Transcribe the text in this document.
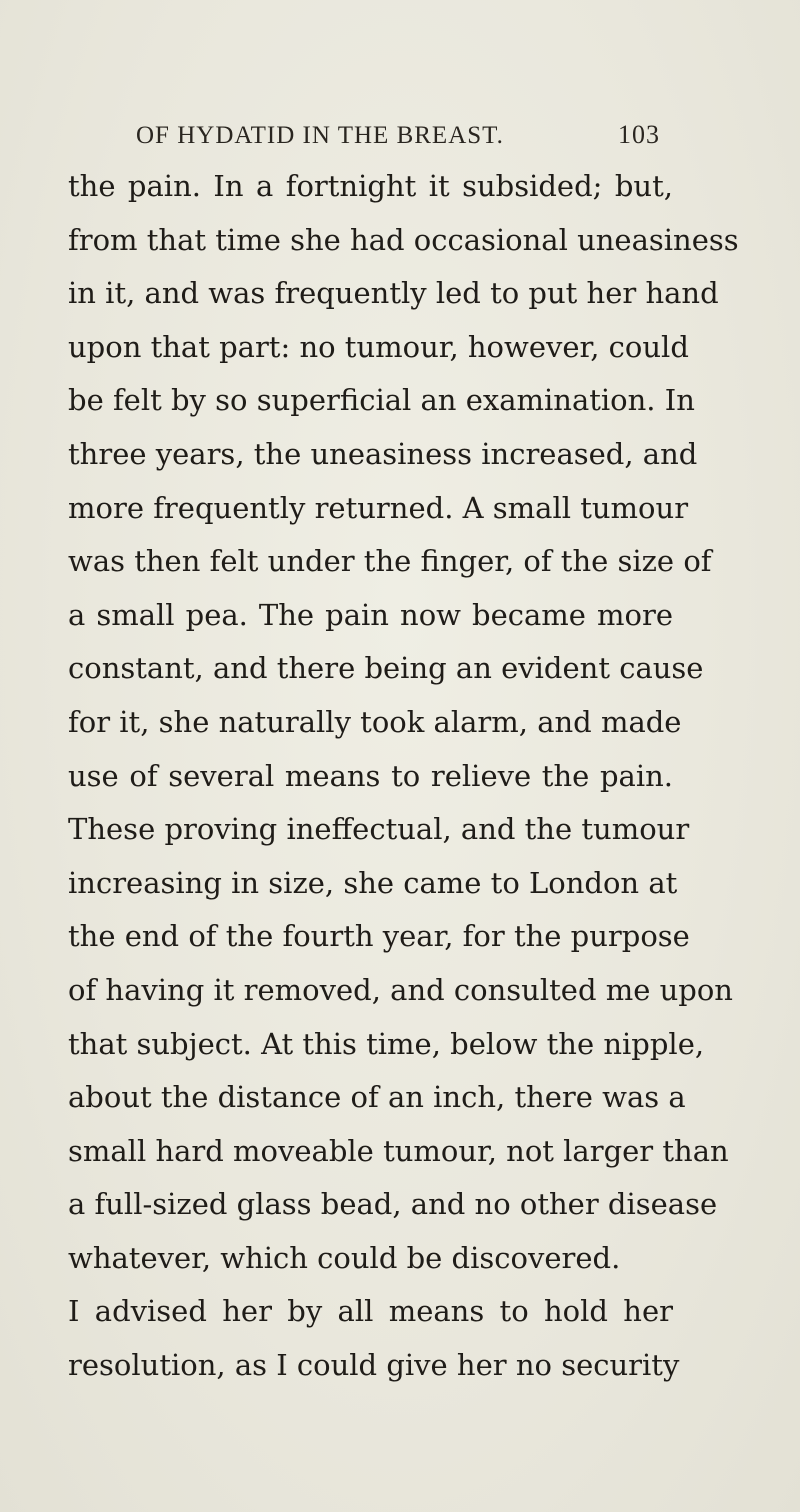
OF HYDATID IN THE BREAST.	103
the pain. In a fortnight it subsided; but,
from that time she had occasional uneasiness
in it, and was frequently led to put her hand
upon that part: no tumour, however, could
be felt by so superficial an examination. In
three years, the uneasiness increased, and
more frequently returned. A small tumour
was then felt under the finger, of the size of
a small pea. The pain now became more
constant, and there being an evident cause
for it, she naturally took alarm, and made
use of several means to relieve the pain.
These proving ineffectual, and the tumour
increasing in size, she came to London at
the end of the fourth year, for the purpose
of having it removed, and consulted me upon
that subject. At this time, below the nipple,
about the distance of an inch, there was a
small hard moveable tumour, not larger than
a full-sized glass bead, and no other disease
whatever, which could be discovered.
I advised her by all means to hold her
resolution, as I could give her no security
